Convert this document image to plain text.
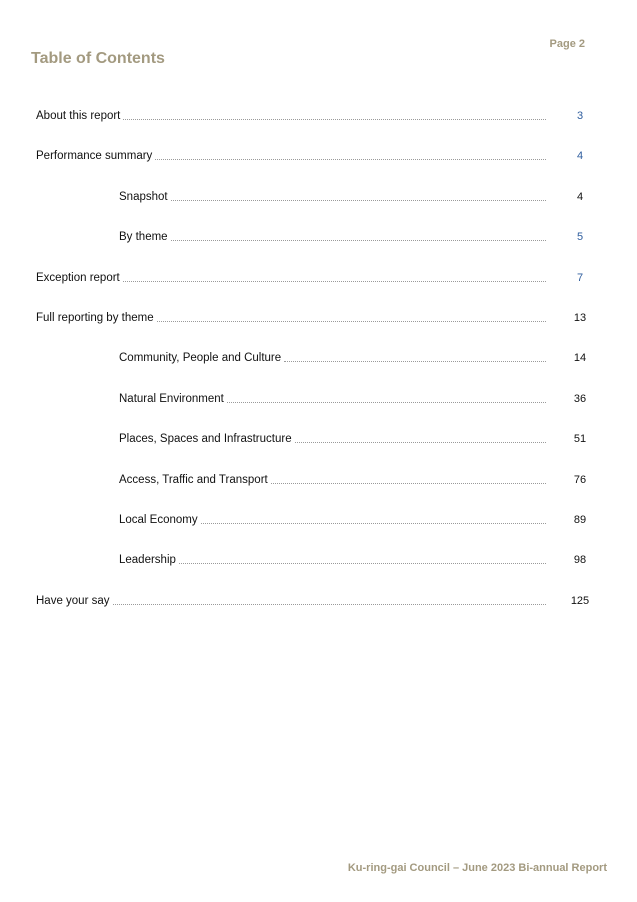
Page 2
Table of Contents
About this report	3
Performance summary	4
Snapshot	4
By theme	5
Exception report	7
Full reporting by theme	13
Community, People and Culture	14
Natural Environment	36
Places, Spaces and Infrastructure	51
Access, Traffic and Transport	76
Local Economy	89
Leadership	98
Have your say	125
Ku-ring-gai Council – June 2023 Bi-annual Report
